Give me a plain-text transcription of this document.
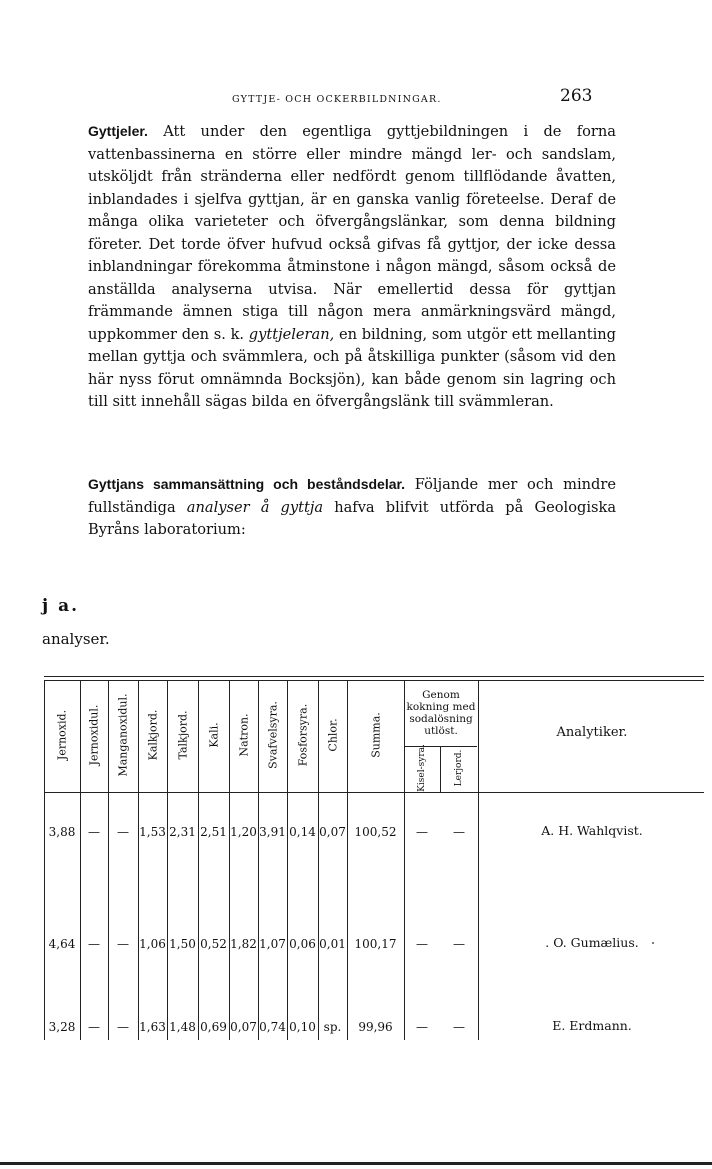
GYTTJE- OCH OCKERBILDNINGAR.	263
Gyttjeler. Att under den egentliga gyttjebildningen i de forna vattenbassinerna en större eller mindre mängd ler- och sandslam, utsköljdt från stränderna eller nedfördt genom tillflödande åvatten, inblandades i sjelfva gyttjan, är en ganska vanlig företeelse. Deraf de många olika varieteter och öfvergångslänkar, som denna bildning företer. Det torde öfver hufvud också gifvas få gyttjor, der icke dessa inblandningar förekomma åtminstone i någon mängd, såsom också de anställda analyserna utvisa. När emellertid dessa för gyttjan främmande ämnen stiga till någon mera anmärkningsvärd mängd, uppkommer den s. k. gyttjeleran, en bildning, som utgör ett mellanting mellan gyttja och svämmlera, och på åtskilliga punkter (såsom vid den här nyss förut omnämnda Bocksjön), kan både genom sin lagring och till sitt innehåll sägas bilda en öfvergångslänk till svämmleran.
Gyttjans sammansättning och beståndsdelar. Följande mer och mindre fullständiga analyser å gyttja hafva blifvit utförda på Geologiska Byråns laboratorium:
j a.
analyser.
Genom kokning med sodalösning utlöst.	Analytiker.
Jernoxid. Jernoxidul. Manganoxidul. Kalkjord. Talkjord. Kali. Natron. Svafvelsyra. Fosforsyra. Chlor.	Summa.
Kisel-syra.	Lerjord.
3,88 — — 1,53 2,31 2,51 1,20 3,91 0,14 0,07 100,52 — —	A. H. Wahlqvist.
4,64 — — 1,06 1,50 0,52 1,82 1,07 0,06 0,01 100,17 — —	. O. Gumælius.
3,28 — — 1,63 1,48 0,69 0,07 0,74 0,10 sp. 99,96 — —	E. Erdmann.
